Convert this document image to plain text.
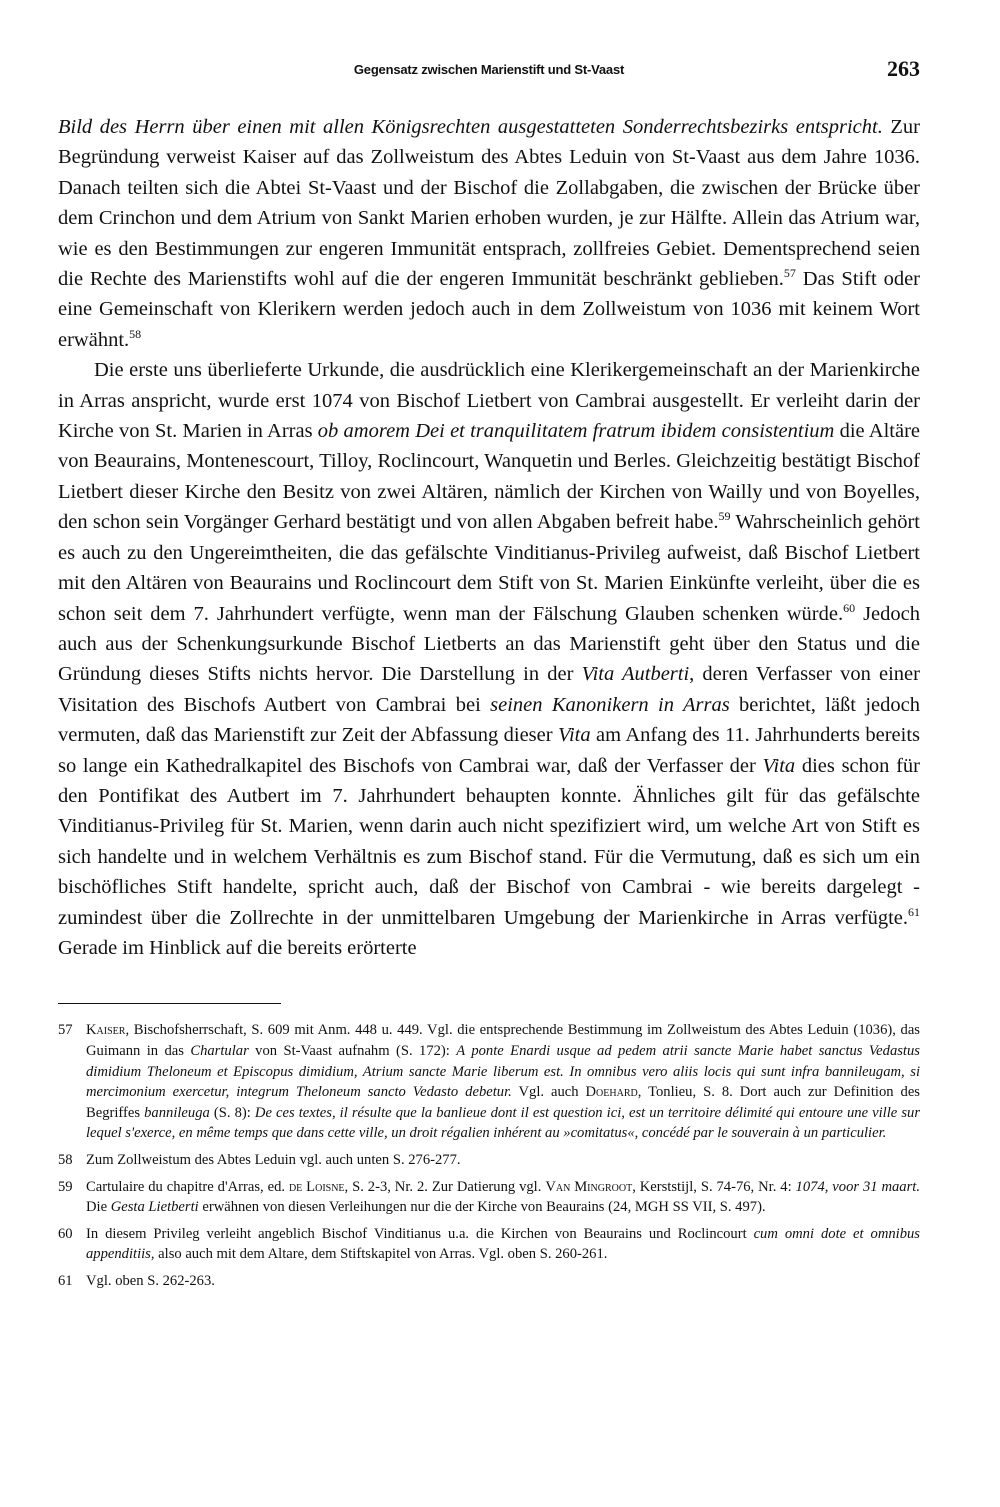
Gegensatz zwischen Marienstift und St-Vaast	263

Bild des Herrn über einen mit allen Königsrechten ausgestatteten Sonderrechtsbezirks entspricht. Zur Begründung verweist Kaiser auf das Zollweistum des Abtes Leduin von St-Vaast aus dem Jahre 1036. Danach teilten sich die Abtei St-Vaast und der Bischof die Zollabgaben, die zwischen der Brücke über dem Crinchon und dem Atrium von Sankt Marien erhoben wurden, je zur Hälfte. Allein das Atrium war, wie es den Bestimmungen zur engeren Immunität entsprach, zollfreies Gebiet. Dementsprechend seien die Rechte des Marienstifts wohl auf die der engeren Immunität beschränkt geblieben.$^{57}$ Das Stift oder eine Gemeinschaft von Klerikern werden jedoch auch in dem Zollweistum von 1036 mit keinem Wort erwähnt.$^{58}$

Die erste uns überlieferte Urkunde, die ausdrücklich eine Klerikergemeinschaft an der Marienkirche in Arras anspricht, wurde erst 1074 von Bischof Lietbert von Cambrai ausgestellt. Er verleiht darin der Kirche von St. Marien in Arras ob amorem Dei et tranquilitatem fratrum ibidem consistentium die Altäre von Beaurains, Montenescourt, Tilloy, Roclincourt, Wanquetin und Berles. Gleichzeitig bestätigt Bischof Lietbert dieser Kirche den Besitz von zwei Altären, nämlich der Kirchen von Wailly und von Boyelles, den schon sein Vorgänger Gerhard bestätigt und von allen Abgaben befreit habe.$^{59}$ Wahrscheinlich gehört es auch zu den Ungereimtheiten, die das gefälschte Vinditianus-Privileg aufweist, daß Bischof Lietbert mit den Altären von Beaurains und Roclincourt dem Stift von St. Marien Einkünfte verleiht, über die es schon seit dem 7. Jahrhundert verfügte, wenn man der Fälschung Glauben schenken würde.$^{60}$ Jedoch auch aus der Schenkungsurkunde Bischof Lietberts an das Marienstift geht über den Status und die Gründung dieses Stifts nichts hervor. Die Darstellung in der Vita Autberti, deren Verfasser von einer Visitation des Bischofs Autbert von Cambrai bei seinen Kanonikern in Arras berichtet, läßt jedoch vermuten, daß das Marienstift zur Zeit der Abfassung dieser Vita am Anfang des 11. Jahrhunderts bereits so lange ein Kathedralkapitel des Bischofs von Cambrai war, daß der Verfasser der Vita dies schon für den Pontifikat des Autbert im 7. Jahrhundert behaupten konnte. Ähnliches gilt für das gefälschte Vinditianus-Privileg für St. Marien, wenn darin auch nicht spezifiziert wird, um welche Art von Stift es sich handelte und in welchem Verhältnis es zum Bischof stand. Für die Vermutung, daß es sich um ein bischöfliches Stift handelte, spricht auch, daß der Bischof von Cambrai - wie bereits dargelegt - zumindest über die Zollrechte in der unmittelbaren Umgebung der Marienkirche in Arras verfügte.$^{61}$ Gerade im Hinblick auf die bereits erörterte

57 Kaiser, Bischofsherrschaft, S. 609 mit Anm. 448 u. 449. Vgl. die entsprechende Bestimmung im Zollweistum des Abtes Leduin (1036), das Guimann in das Chartular von St-Vaast aufnahm (S. 172): A ponte Enardi usque ad pedem atrii sancte Marie habet sanctus Vedastus dimidium Theloneum et Episcopus dimidium, Atrium sancte Marie liberum est. In omnibus vero aliis locis qui sunt infra bannileugam, si mercimonium exercetur, integrum Theloneum sancto Vedasto debetur. Vgl. auch Doehard, Tonlieu, S. 8. Dort auch zur Definition des Begriffes bannileuga (S. 8): De ces textes, il résulte que la banlieue dont il est question ici, est un territoire délimité qui entoure une ville sur lequel s'exerce, en même temps que dans cette ville, un droit régalien inhérent au »comitatus«, concédé par le souverain à un particulier.
58 Zum Zollweistum des Abtes Leduin vgl. auch unten S. 276-277.
59 Cartulaire du chapitre d'Arras, ed. de Loisne, S. 2-3, Nr. 2. Zur Datierung vgl. Van Mingroot, Kerststijl, S. 74-76, Nr. 4: 1074, voor 31 maart. Die Gesta Lietberti erwähnen von diesen Verleihungen nur die der Kirche von Beaurains (24, MGH SS VII, S. 497).
60 In diesem Privileg verleiht angeblich Bischof Vinditianus u.a. die Kirchen von Beaurains und Roclincourt cum omni dote et omnibus appenditiis, also auch mit dem Altare, dem Stiftskapitel von Arras. Vgl. oben S. 260-261.
61 Vgl. oben S. 262-263.
